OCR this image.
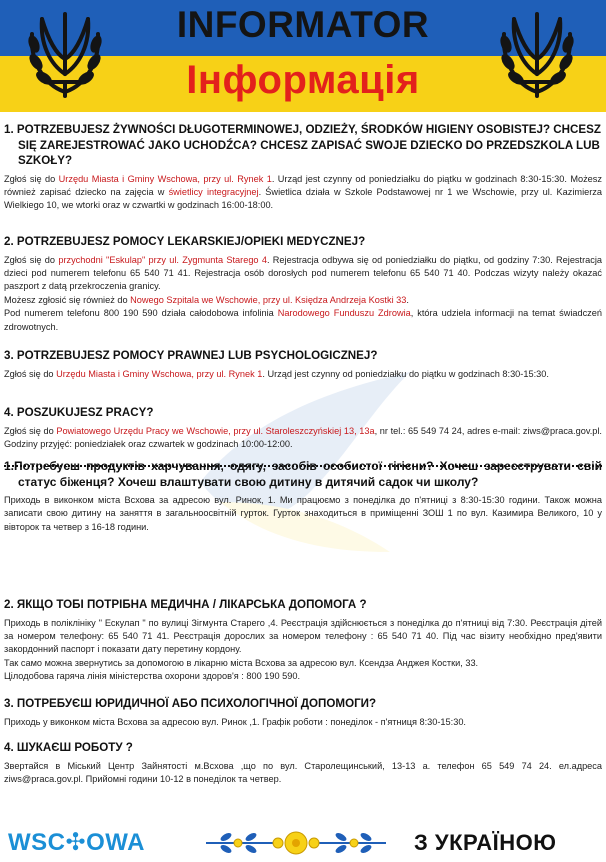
INFORMATOR
Інформація
1. POTRZEBUJESZ ŻYWNOŚCI DŁUGOTERMINOWEJ, ODZIEŻY, ŚRODKÓW HIGIENY OSOBISTEJ? CHCESZ SIĘ ZAREJESTROWAĆ JAKO UCHODŹCA? CHCESZ ZAPISAĆ SWOJE DZIECKO DO PRZEDSZKOLA LUB SZKOŁY?
Zgłoś się do Urzędu Miasta i Gminy Wschowa, przy ul. Rynek 1. Urząd jest czynny od poniedziałku do piątku w godzinach 8:30-15:30. Możesz również zapisać dziecko na zajęcia w świetlicy integracyjnej. Świetlica działa w Szkole Podstawowej nr 1 we Wschowie, przy ul. Kazimierza Wielkiego 10, we wtorki oraz w czwartki w godzinach 16:00-18:00.
2. POTRZEBUJESZ POMOCY LEKARSKIEJ/OPIEKI MEDYCZNEJ?
Zgłoś się do przychodni "Eskulap" przy ul. Zygmunta Starego 4. Rejestracja odbywa się od poniedziałku do piątku, od godziny 7:30. Rejestracja dzieci pod numerem telefonu 65 540 71 41. Rejestracja osób dorosłych pod numerem telefonu 65 540 71 40. Podczas wizyty należy okazać paszport z datą przekroczenia granicy.
Możesz zgłosić się również do Nowego Szpitala we Wschowie, przy ul. Księdza Andrzeja Kostki 33.
Pod numerem telefonu 800 190 590 działa całodobowa infolinia Narodowego Funduszu Zdrowia, która udziela informacji na temat świadczeń zdrowotnych.
3. POTRZEBUJESZ POMOCY PRAWNEJ LUB PSYCHOLOGICZNEJ?
Zgłoś się do Urzędu Miasta i Gminy Wschowa, przy ul. Rynek 1. Urząd jest czynny od poniedziałku do piątku w godzinach 8:30-15:30.
4. POSZUKUJESZ PRACY?
Zgłoś się do Powiatowego Urzędu Pracy we Wschowie, przy ul. Staroleszczyńskiej 13, 13a, nr tel.: 65 549 74 24, adres e-mail: ziws@praca.gov.pl. Godziny przyjęć: poniedziałek oraz czwartek w godzinach 10:00-12:00.
1.Потребуєш продуктів харчування, одягу, засобів особистої гігієни? Хочеш зареєструвати свій статус біженця? Хочеш влаштувати свою дитину в дитячий садок чи школу?
Приходь в виконком міста Всхова за адресою вул. Ринок, 1. Ми працюємо з понеділка до п'ятниці з 8:30-15:30 години. Також можна записати свою дитину на заняття в загальноосвітній гурток. Гурток знаходиться в приміщенні ЗОШ 1 по вул. Казимира Великого, 10 у вівторок та четвер з 16-18 години.
2. ЯКЩО ТОБІ ПОТРІБНА МЕДИЧНА / ЛІКАРСЬКА ДОПОМОГА ?
Приходь в поліклініку " Ескулап " по вулиці Зігмунта Старего ,4. Реєстрація здійснюється з понеділка до п'ятниці від 7:30. Реєстрація дітей за номером телефону: 65 540 71 41. Реєстрація дорослих за номером телефону : 65 540 71 40. Під час візиту необхідно пред'явити закордонний паспорт і показати дату перетину кордону.
Так само можна звернутись за допомогою в лікарню міста Всхова за адресою вул. Ксендза Анджея Костки, 33.
Цілодобова гаряча лінія міністерства охорони здоров'я : 800 190 590.
3. ПОТРЕБУЄШ ЮРИДИЧНОЇ АБО ПСИХОЛОГІЧНОЇ ДОПОМОГИ?
Приходь у виконком міста Всхова за адресою вул. Ринок ,1. Графік роботи : понеділок - п'ятниця 8:30-15:30.
4. ШУКАЄШ РОБОТУ ?
Звертайся в Міський Центр Зайнятості м.Всхова ,що по вул. Старолещинський, 13-13 а. телефон 65 549 74 24. ел.адреса ziws@praca.gov.pl. Прийомні години 10-12 в понеділок та четвер.
WSC✣OWA	З УКРАЇНОЮ
